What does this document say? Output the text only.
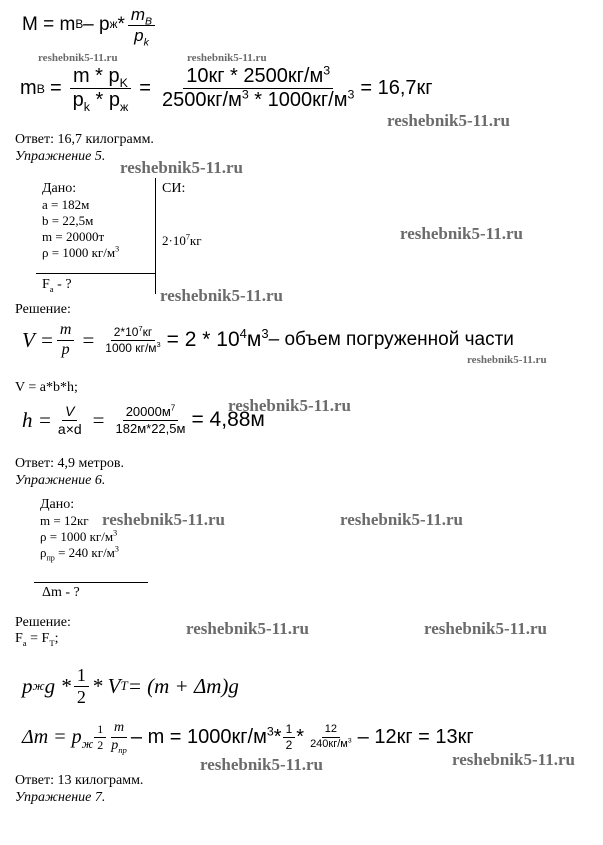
M = m B – p ж * $\frac{m_B}{p_k}$
reshebnik5-11.ru	reshebnik5-11.ru
m $B = \frac{m * p_K}{p_k * p_ж} = \frac{10кг * 2500кг/м^3}{2500кг/м^3 * 1000кг/м^3} = 16,7кг$
reshebnik5-11.ru
Ответ: 16,7 килограмм.
Упражнение 5.
reshebnik5-11.ru
Дано:
a = 182м
b = 22,5м
m = 20000т
ρ = 1000 $кг/м^3$
$F_a$ - ?
СИ:
$2\cdot 10^7кг$	reshebnik5-11.ru
reshebnik5-11.ru
Решение:
$V = \frac{m}{p} = \frac{2*10^7кг}{1000 кг/м^3} = 2 * 10^4м^3$ – объем погруженной части
reshebnik5-11.ru
V = a*b*h;
reshebnik5-11.ru
$h = \frac{V}{a\times d} = \frac{20000м^7}{182м*22,5м} = 4,88м$
Ответ: 4,9 метров.
Упражнение 6.
Дано:
m = 12кг
ρ = 1000 $кг/м^3$
$\rho_{пр} = 240$ $кг/м^3$
reshebnik5-11.ru	reshebnik5-11.ru
Δm - ?
Решение:
$F_a = F_T$;
reshebnik5-11.ru	reshebnik5-11.ru
p ж g * $\frac{1}{2}$ * V T = (m + Δm)g
$\Delta m = p_ж \frac{1}{2} \frac{m}{p_{пр}} - m = 1000кг/м^3 * \frac{1}{2} * \frac{12}{240кг/м^3} - 12кг = 13кг$
reshebnik5-11.ru	reshebnik5-11.ru
Ответ: 13 килограмм.
Упражнение 7.
